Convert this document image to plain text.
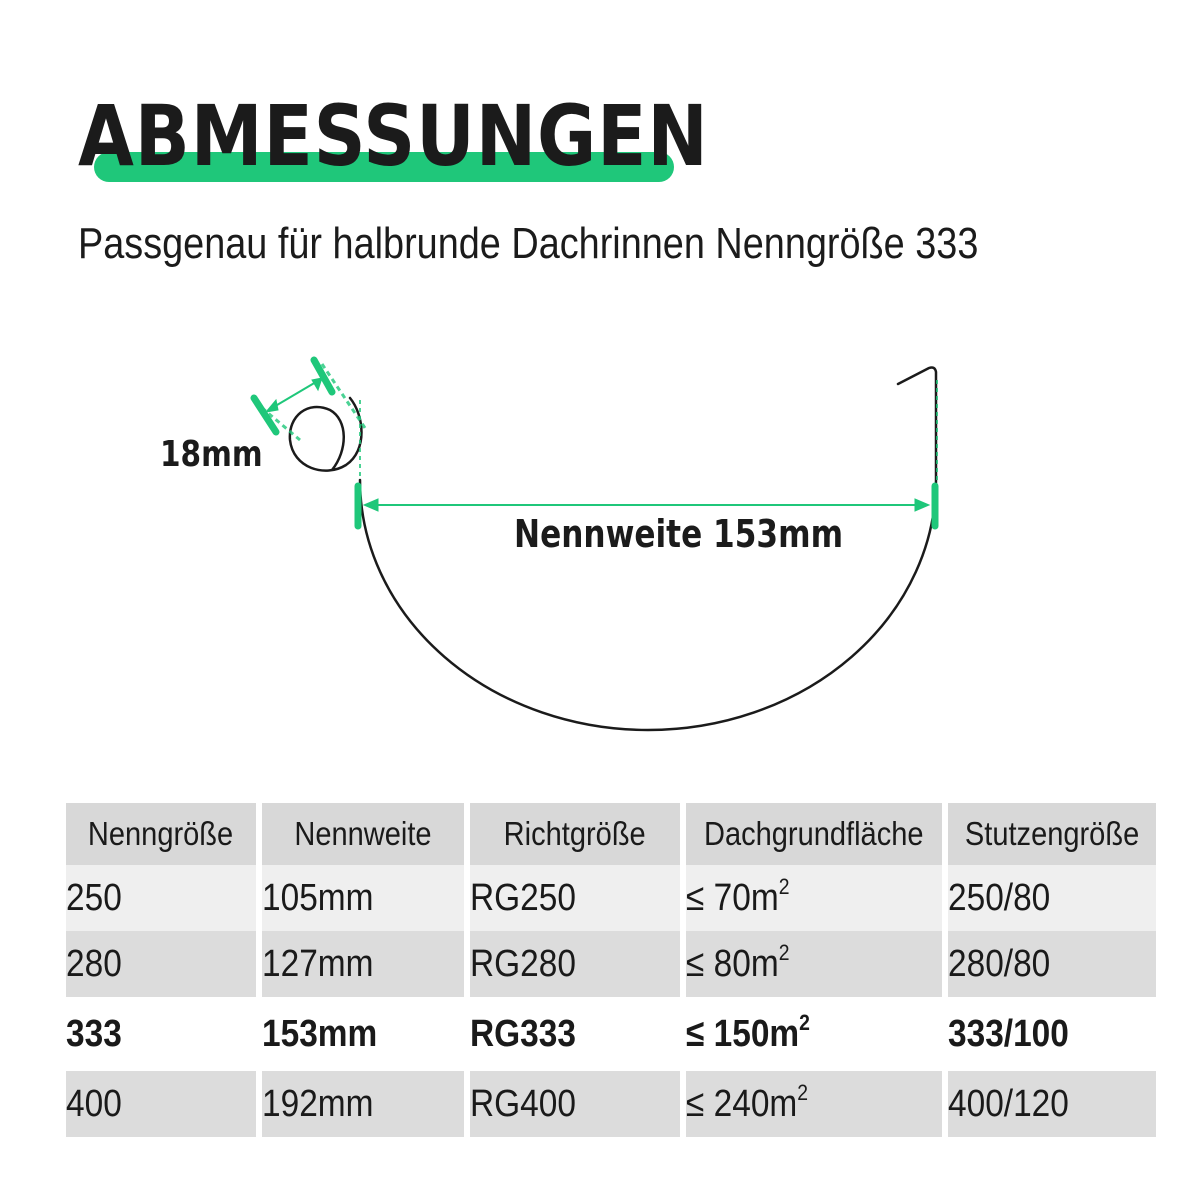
ABMESSUNGEN

Passgenau für halbrunde Dachrinnen Nenngröße 333

18mm

Nennweite 153mm

Nenngröße	Nennweite	Richtgröße	Dachgrundfläche	Stutzengröße
250	105mm	RG250	≤ $70m^2$	250/80
280	127mm	RG280	≤ $80m^2$	280/80
333	153mm	RG333	≤ $150m^2$	333/100
400	192mm	RG400	≤ $240m^2$	400/120
